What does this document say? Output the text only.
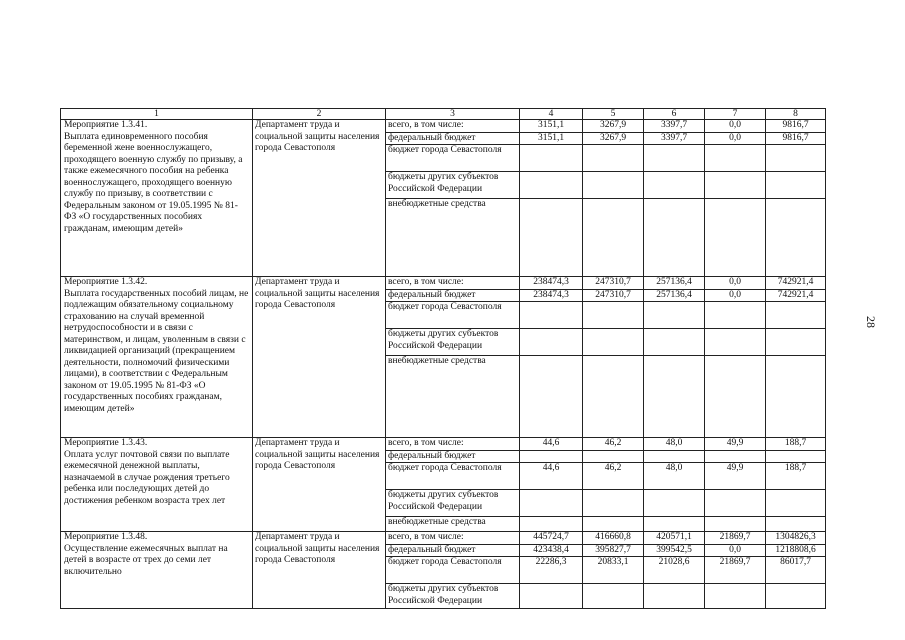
28
1	2	3	4	5	6	7	8

Мероприятие 1.3.41.
Выплата единовременного пособия беременной жене военнослужащего, проходящего военную службу по призыву, а также ежемесячного пособия на ребенка военнослужащего, проходящего военную службу по призыву, в соответствии с Федеральным законом от 19.05.1995 № 81-ФЗ «О государственных пособиях гражданам, имеющим детей»	Департамент труда и социальной защиты населения города Севастополя	всего, в том числе:	3151,1	3267,9	3397,7	0,0	9816,7
		федеральный бюджет	3151,1	3267,9	3397,7	0,0	9816,7
		бюджет города Севастополя					
		бюджеты других субъектов Российской Федерации					
		внебюджетные средства					

Мероприятие 1.3.42.
Выплата государственных пособий лицам, не подлежащим обязательному социальному страхованию на случай временной нетрудоспособности и в связи с материнством, и лицам, уволенным в связи с ликвидацией организаций (прекращением деятельности, полномочий физическими лицами), в соответствии с Федеральным законом от 19.05.1995 № 81-ФЗ «О государственных пособиях гражданам, имеющим детей»	Департамент труда и социальной защиты населения города Севастополя	всего, в том числе:	238474,3	247310,7	257136,4	0,0	742921,4
		федеральный бюджет	238474,3	247310,7	257136,4	0,0	742921,4
		бюджет города Севастополя					
		бюджеты других субъектов Российской Федерации					
		внебюджетные средства					

Мероприятие 1.3.43.
Оплата услуг почтовой связи по выплате ежемесячной денежной выплаты, назначаемой в случае рождения третьего ребенка или последующих детей до достижения ребенком возраста трех лет	Департамент труда и социальной защиты населения города Севастополя	всего, в том числе:	44,6	46,2	48,0	49,9	188,7
		федеральный бюджет					
		бюджет города Севастополя	44,6	46,2	48,0	49,9	188,7
		бюджеты других субъектов Российской Федерации					
		внебюджетные средства					

Мероприятие 1.3.48.
Осуществление ежемесячных выплат на детей в возрасте от трех до семи лет включительно	Департамент труда и социальной защиты населения города Севастополя	всего, в том числе:	445724,7	416660,8	420571,1	21869,7	1304826,3
		федеральный бюджет	423438,4	395827,7	399542,5	0,0	1218808,6
		бюджет города Севастополя	22286,3	20833,1	21028,6	21869,7	86017,7
		бюджеты других субъектов Российской Федерации					
